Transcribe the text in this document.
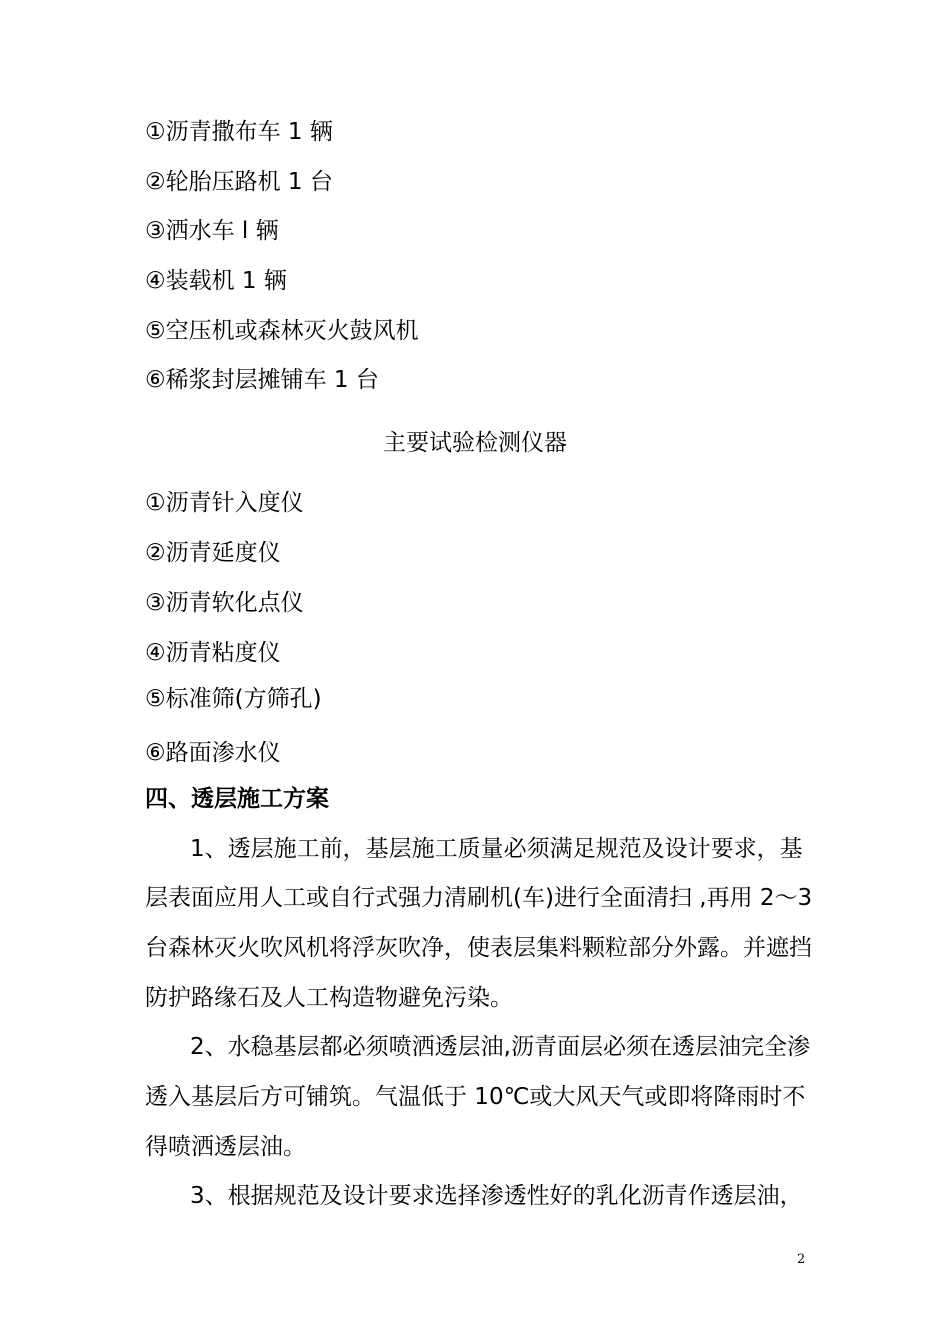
①沥青撒布车 1 辆
②轮胎压路机 1 台
③洒水车 l 辆
④装载机 1 辆
⑤空压机或森林灭火鼓风机
⑥稀浆封层摊铺车 1 台
主要试验检测仪器
①沥青针入度仪
②沥青延度仪
③沥青软化点仪
④沥青粘度仪
⑤标准筛(方筛孔)
⑥路面渗水仪
四、透层施工方案
1、透层施工前，基层施工质量必须满足规范及设计要求，基
层表面应用人工或自行式强力清刷机(车)进行全面清扫 ,再用 2～3
台森林灭火吹风机将浮灰吹净，使表层集料颗粒部分外露。并遮挡
防护路缘石及人工构造物避免污染。
2、水稳基层都必须喷洒透层油,沥青面层必须在透层油完全渗
透入基层后方可铺筑。气温低于 10℃或大风天气或即将降雨时不
得喷洒透层油。
3、根据规范及设计要求选择渗透性好的乳化沥青作透层油，
2
